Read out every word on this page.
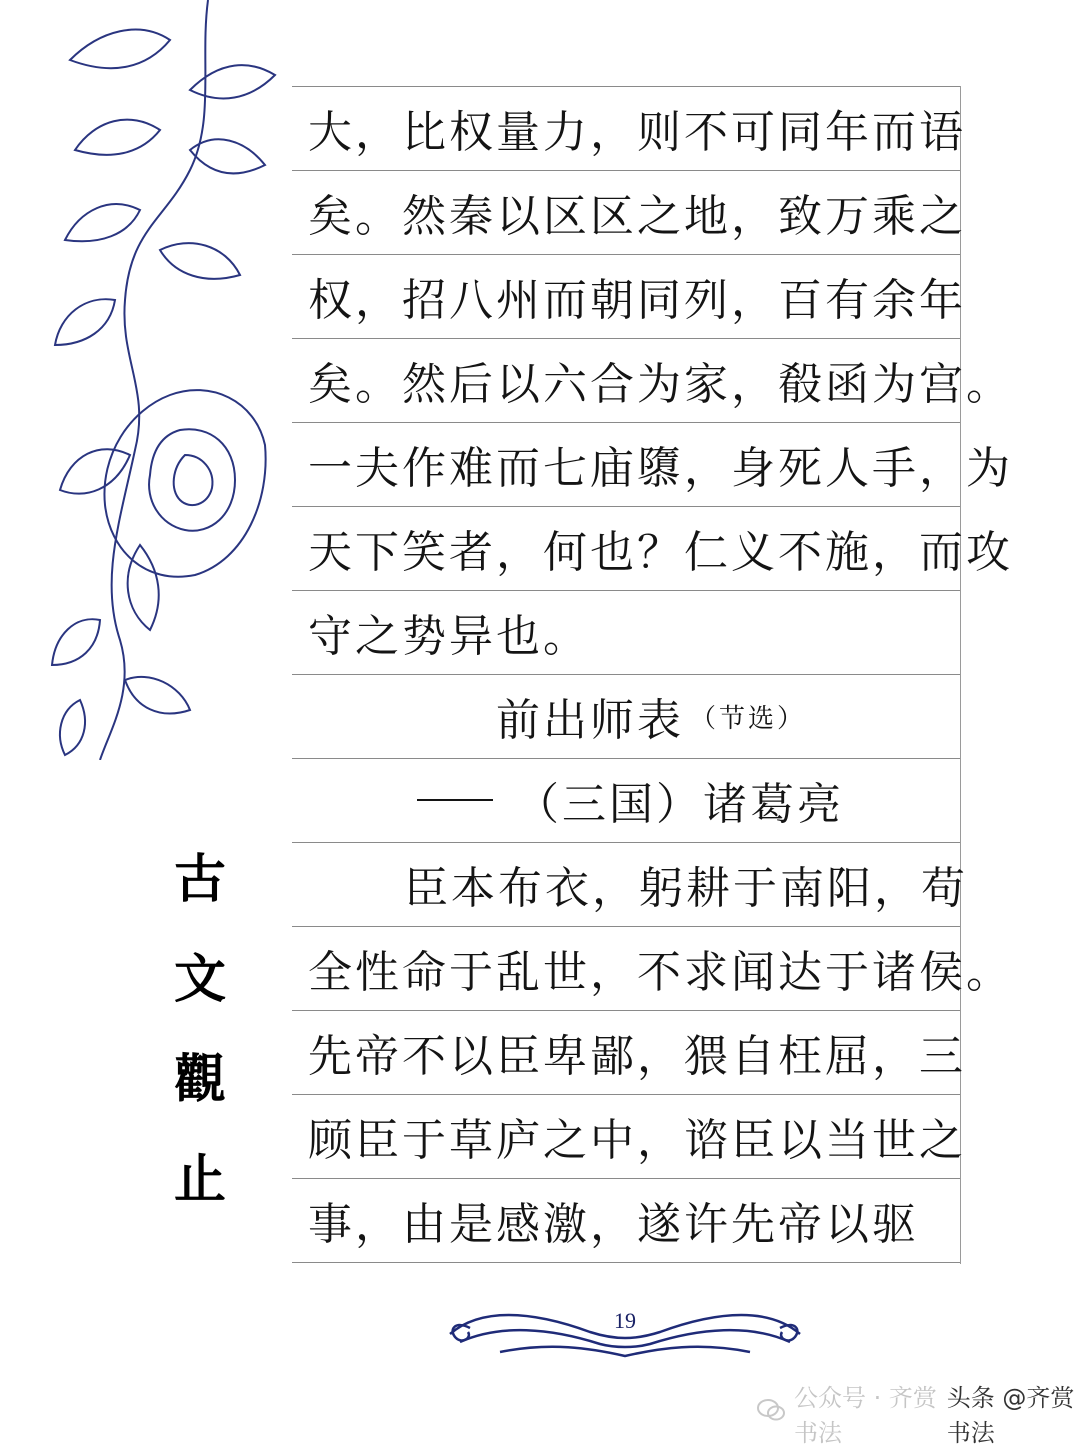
大，比权量力，则不可同年而语
矣。然秦以区区之地，致万乘之
权，招八州而朝同列，百有余年
矣。然后以六合为家，殽函为宫。
一夫作难而七庙隳，身死人手，为
天下笑者，何也？仁义不施，而攻
守之势异也。
前出师表 （节选）
（三国）诸葛亮
臣本布衣，躬耕于南阳，苟
全性命于乱世，不求闻达于诸侯。
先帝不以臣卑鄙，猥自枉屈，三
顾臣于草庐之中，谘臣以当世之
事，由是感激，遂许先帝以驱
古
文
觀
止
19
公众号 · 齐赏书法
头条 @齐赏书法
